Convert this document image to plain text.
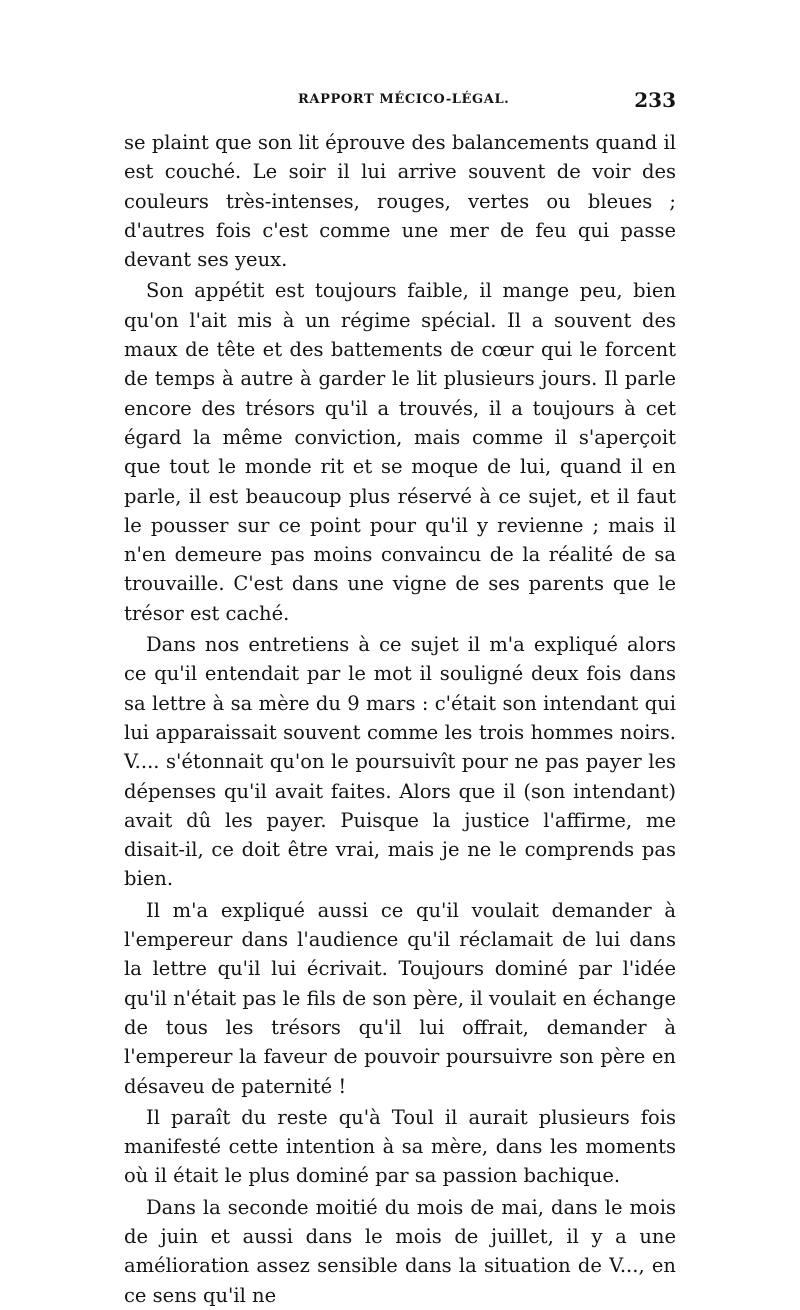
RAPPORT MÉCICO-LÉGAL.	233

se plaint que son lit éprouve des balancements quand il est couché. Le soir il lui arrive souvent de voir des couleurs très-intenses, rouges, vertes ou bleues ; d'autres fois c'est comme une mer de feu qui passe devant ses yeux.

Son appétit est toujours faible, il mange peu, bien qu'on l'ait mis à un régime spécial. Il a souvent des maux de tête et des battements de cœur qui le forcent de temps à autre à garder le lit plusieurs jours. Il parle encore des trésors qu'il a trouvés, il a toujours à cet égard la même conviction, mais comme il s'aperçoit que tout le monde rit et se moque de lui, quand il en parle, il est beaucoup plus réservé à ce sujet, et il faut le pousser sur ce point pour qu'il y revienne ; mais il n'en demeure pas moins convaincu de la réalité de sa trouvaille. C'est dans une vigne de ses parents que le trésor est caché.

Dans nos entretiens à ce sujet il m'a expliqué alors ce qu'il entendait par le mot il souligné deux fois dans sa lettre à sa mère du 9 mars : c'était son intendant qui lui apparaissait souvent comme les trois hommes noirs. V.... s'étonnait qu'on le poursuivît pour ne pas payer les dépenses qu'il avait faites. Alors que il (son intendant) avait dû les payer. Puisque la justice l'affirme, me disait-il, ce doit être vrai, mais je ne le comprends pas bien.

Il m'a expliqué aussi ce qu'il voulait demander à l'empereur dans l'audience qu'il réclamait de lui dans la lettre qu'il lui écrivait. Toujours dominé par l'idée qu'il n'était pas le fils de son père, il voulait en échange de tous les trésors qu'il lui offrait, demander à l'empereur la faveur de pouvoir poursuivre son père en désaveu de paternité !

Il paraît du reste qu'à Toul il aurait plusieurs fois manifesté cette intention à sa mère, dans les moments où il était le plus dominé par sa passion bachique.

Dans la seconde moitié du mois de mai, dans le mois de juin et aussi dans le mois de juillet, il y a une amélioration assez sensible dans la situation de V..., en ce sens qu'il ne
